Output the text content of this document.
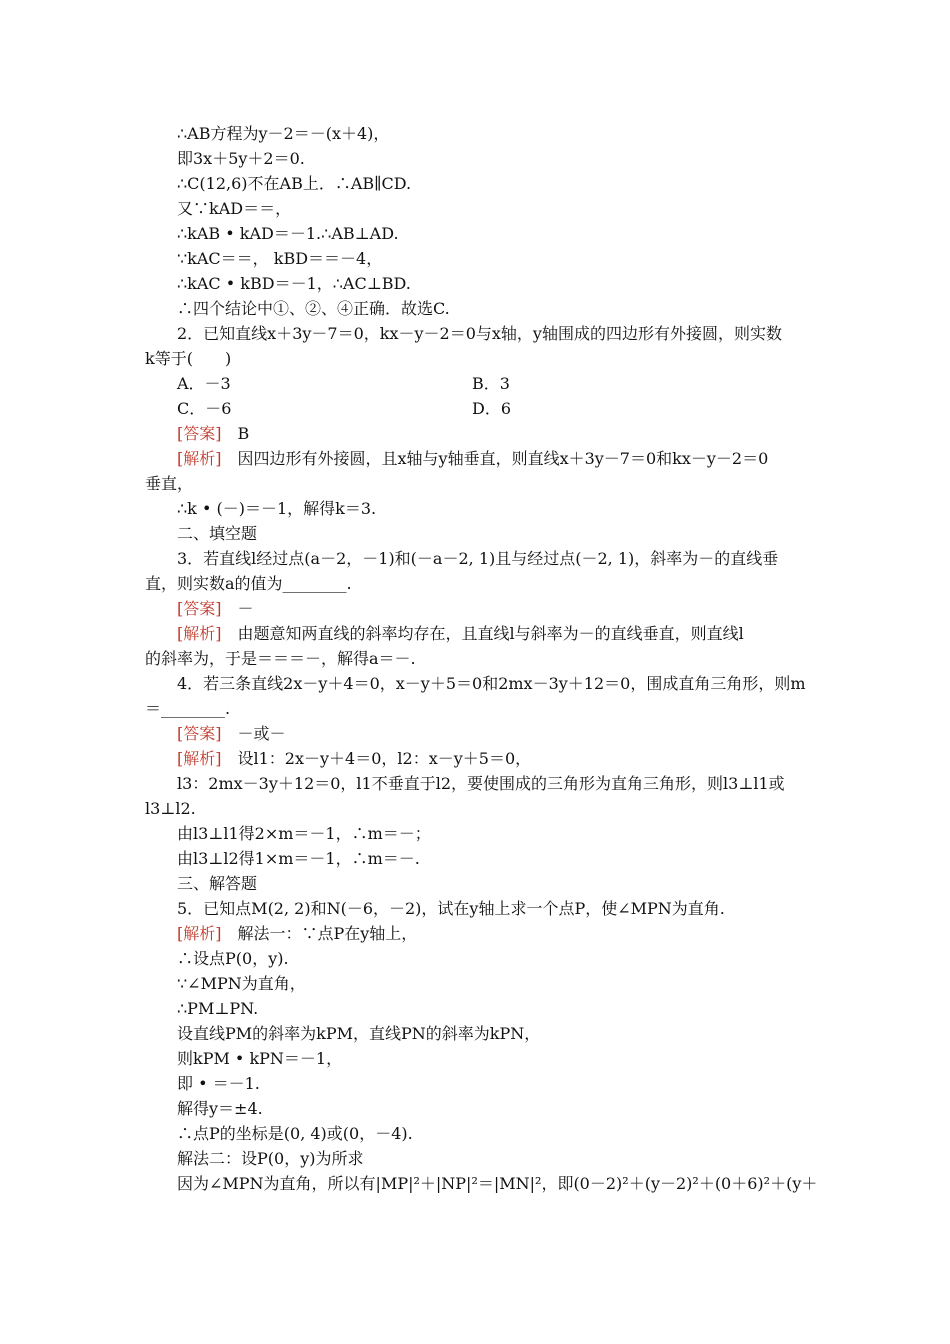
∴AB方程为y－2＝－(x＋4)，
即3x＋5y＋2＝0.
∴C(12,6)不在AB上．∴AB∥CD.
又∵kAD＝＝，
∴kAB • kAD＝－1.∴AB⊥AD.
∵kAC＝＝， kBD＝＝－4，
∴kAC • kBD＝－1，∴AC⊥BD.
∴四个结论中①、②、④正确．故选C.
2．已知直线x＋3y－7＝0，kx－y－2＝0与x轴，y轴围成的四边形有外接圆，则实数
k等于(　　)
A．－3	B．3
C．－6	D．6
[答案] B
[解析] 因四边形有外接圆，且x轴与y轴垂直，则直线x＋3y－7＝0和kx－y－2＝0
垂直，
∴k • (－)＝－1，解得k＝3.
二、填空题
3．若直线l经过点(a－2，－1)和(－a－2, 1)且与经过点(－2, 1)，斜率为－的直线垂
直，则实数a的值为________.
[答案] －
[解析] 由题意知两直线的斜率均存在，且直线l与斜率为－的直线垂直，则直线l
的斜率为，于是＝＝＝－，解得a＝－.
4．若三条直线2x－y＋4＝0，x－y＋5＝0和2mx－3y＋12＝0，围成直角三角形，则m
＝________.
[答案] －或－
[解析] 设l1：2x－y＋4＝0，l2：x－y＋5＝0，
l3：2mx－3y＋12＝0，l1不垂直于l2，要使围成的三角形为直角三角形，则l3⊥l1或
l3⊥l2.
由l3⊥l1得2×m＝－1，∴m＝－；
由l3⊥l2得1×m＝－1，∴m＝－.
三、解答题
5．已知点M(2, 2)和N(－6，－2)，试在y轴上求一个点P，使∠MPN为直角.
[解析] 解法一：∵点P在y轴上，
∴设点P(0，y).
∵∠MPN为直角，
∴PM⊥PN.
设直线PM的斜率为kPM，直线PN的斜率为kPN，
则kPM • kPN＝－1，
即 • ＝－1.
解得y＝±4.
∴点P的坐标是(0, 4)或(0，－4).
解法二：设P(0，y)为所求
因为∠MPN为直角，所以有|MP|²＋|NP|²＝|MN|²，即(0－2)²＋(y－2)²＋(0＋6)²＋(y＋
